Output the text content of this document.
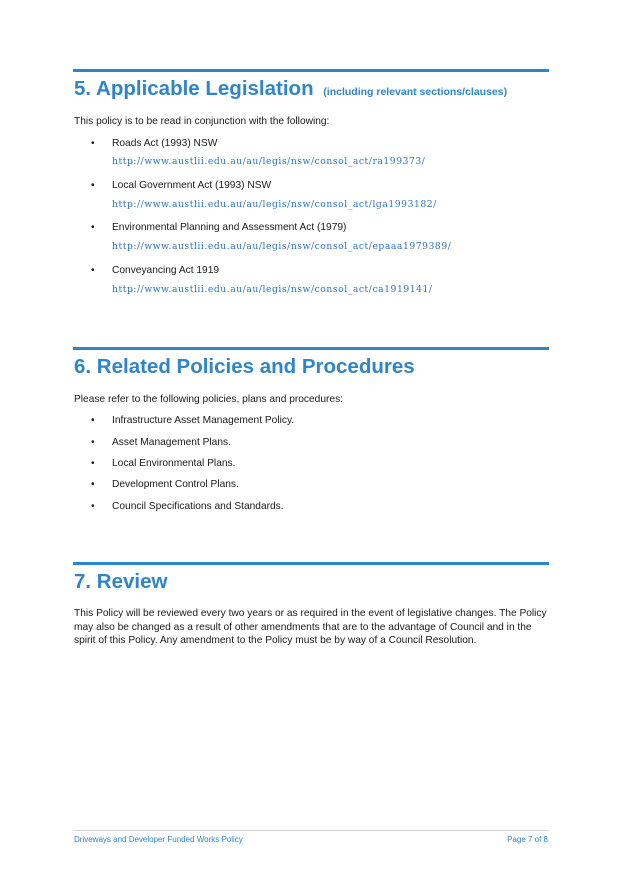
5. Applicable Legislation (including relevant sections/clauses)
This policy is to be read in conjunction with the following:
•	Roads Act (1993) NSW
http://www.austlii.edu.au/au/legis/nsw/consol_act/ra199373/
•	Local Government Act (1993) NSW
http://www.austlii.edu.au/au/legis/nsw/consol_act/lga1993182/
•	Environmental Planning and Assessment Act (1979)
http://www.austlii.edu.au/au/legis/nsw/consol_act/epaaa1979389/
•	Conveyancing Act 1919
http://www.austlii.edu.au/au/legis/nsw/consol_act/ca1919141/
6. Related Policies and Procedures
Please refer to the following policies, plans and procedures:
•	Infrastructure Asset Management Policy.
•	Asset Management Plans.
•	Local Environmental Plans.
•	Development Control Plans.
•	Council Specifications and Standards.
7. Review
This Policy will be reviewed every two years or as required in the event of legislative changes. The Policy may also be changed as a result of other amendments that are to the advantage of Council and in the spirit of this Policy. Any amendment to the Policy must be by way of a Council Resolution.
Driveways and Developer Funded Works Policy	Page 7 of 8
